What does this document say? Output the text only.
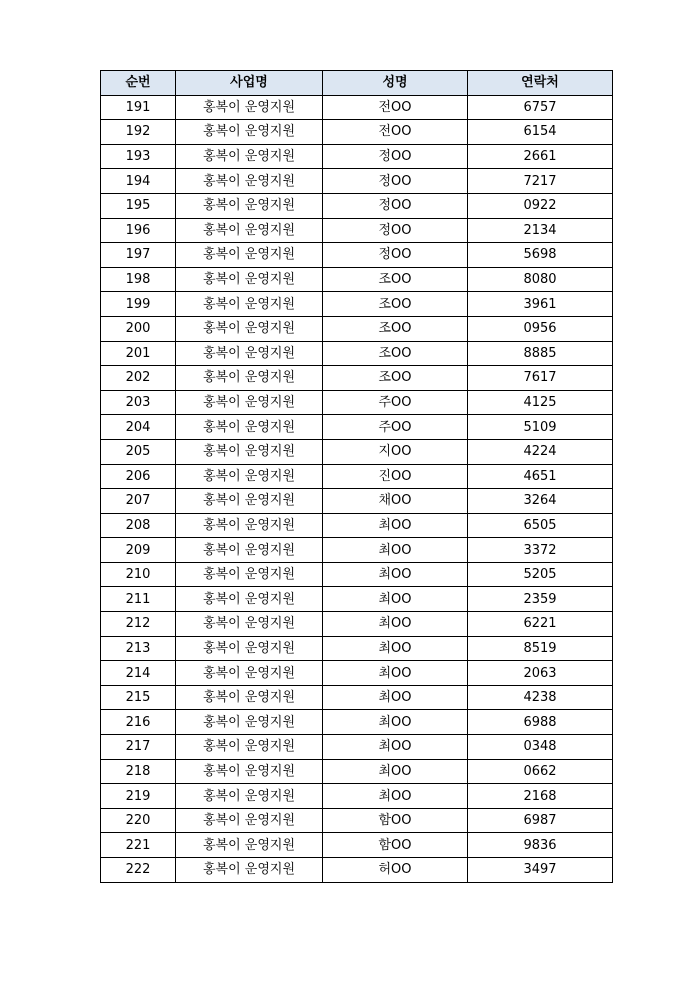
순번	사업명	성명	연락처
191	홍복이 운영지원	전OO	6757
192	홍복이 운영지원	전OO	6154
193	홍복이 운영지원	정OO	2661
194	홍복이 운영지원	정OO	7217
195	홍복이 운영지원	정OO	0922
196	홍복이 운영지원	정OO	2134
197	홍복이 운영지원	정OO	5698
198	홍복이 운영지원	조OO	8080
199	홍복이 운영지원	조OO	3961
200	홍복이 운영지원	조OO	0956
201	홍복이 운영지원	조OO	8885
202	홍복이 운영지원	조OO	7617
203	홍복이 운영지원	주OO	4125
204	홍복이 운영지원	주OO	5109
205	홍복이 운영지원	지OO	4224
206	홍복이 운영지원	진OO	4651
207	홍복이 운영지원	채OO	3264
208	홍복이 운영지원	최OO	6505
209	홍복이 운영지원	최OO	3372
210	홍복이 운영지원	최OO	5205
211	홍복이 운영지원	최OO	2359
212	홍복이 운영지원	최OO	6221
213	홍복이 운영지원	최OO	8519
214	홍복이 운영지원	최OO	2063
215	홍복이 운영지원	최OO	4238
216	홍복이 운영지원	최OO	6988
217	홍복이 운영지원	최OO	0348
218	홍복이 운영지원	최OO	0662
219	홍복이 운영지원	최OO	2168
220	홍복이 운영지원	함OO	6987
221	홍복이 운영지원	함OO	9836
222	홍복이 운영지원	허OO	3497
